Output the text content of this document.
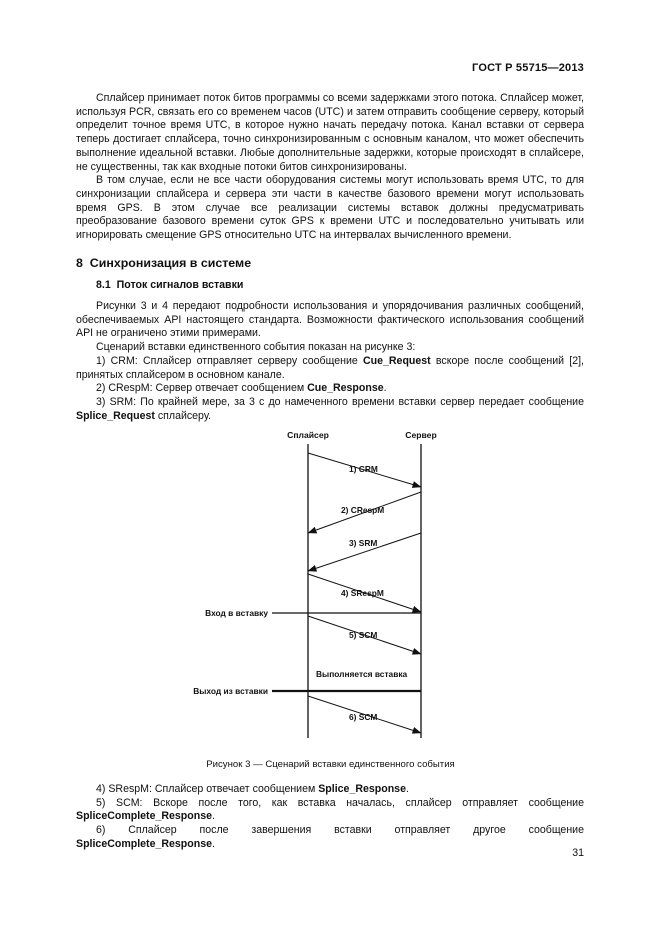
ГОСТ Р 55715—2013

Сплайсер принимает поток битов программы со всеми задержками этого потока. Сплайсер может, используя PCR, связать его со временем часов (UTC) и затем отправить сообщение серверу, который определит точное время UTC, в которое нужно начать передачу потока. Канал вставки от сервера теперь достигает сплайсера, точно синхронизированным с основным каналом, что может обеспечить выполнение идеальной вставки. Любые дополнительные задержки, которые происходят в сплайсере, не существенны, так как входные потоки битов синхронизированы.

В том случае, если не все части оборудования системы могут использовать время UTC, то для синхронизации сплайсера и сервера эти части в качестве базового времени могут использовать время GPS. В этом случае все реализации системы вставок должны предусматривать преобразование базового времени суток GPS к времени UTC и последовательно учитывать или игнорировать смещение GPS относительно UTC на интервалах вычисленного времени.

8 Синхронизация в системе
8.1 Поток сигналов вставки

Рисунки 3 и 4 передают подробности использования и упорядочивания различных сообщений, обеспечиваемых API настоящего стандарта. Возможности фактического использования сообщений API не ограничено этими примерами.

Сценарий вставки единственного события показан на рисунке 3:

1) CRM: Сплайсер отправляет серверу сообщение Cue_Request вскоре после сообщений [2], принятых сплайсером в основном канале.

2) CRespM: Сервер отвечает сообщением Cue_Response.

3) SRM: По крайней мере, за 3 с до намеченного времени вставки сервер передает сообщение Splice_Request сплайсеру.

Сплайсер	Сервер
1) CRM
2) CRespM
3) SRM
4) SRespM
5) SCM
6) SCM
Выполняется вставка
Вход в вставку
Выход из вставки
Рисунок 3 — Сценарий вставки единственного события

4) SRespM: Сплайсер отвечает сообщением Splice_Response.

5) SCM: Вскоре после того, как вставка началась, сплайсер отправляет сообщение SpliceComplete_Response.

6) Сплайсер после завершения вставки отправляет другое сообщение SpliceComplete_Response.

31
